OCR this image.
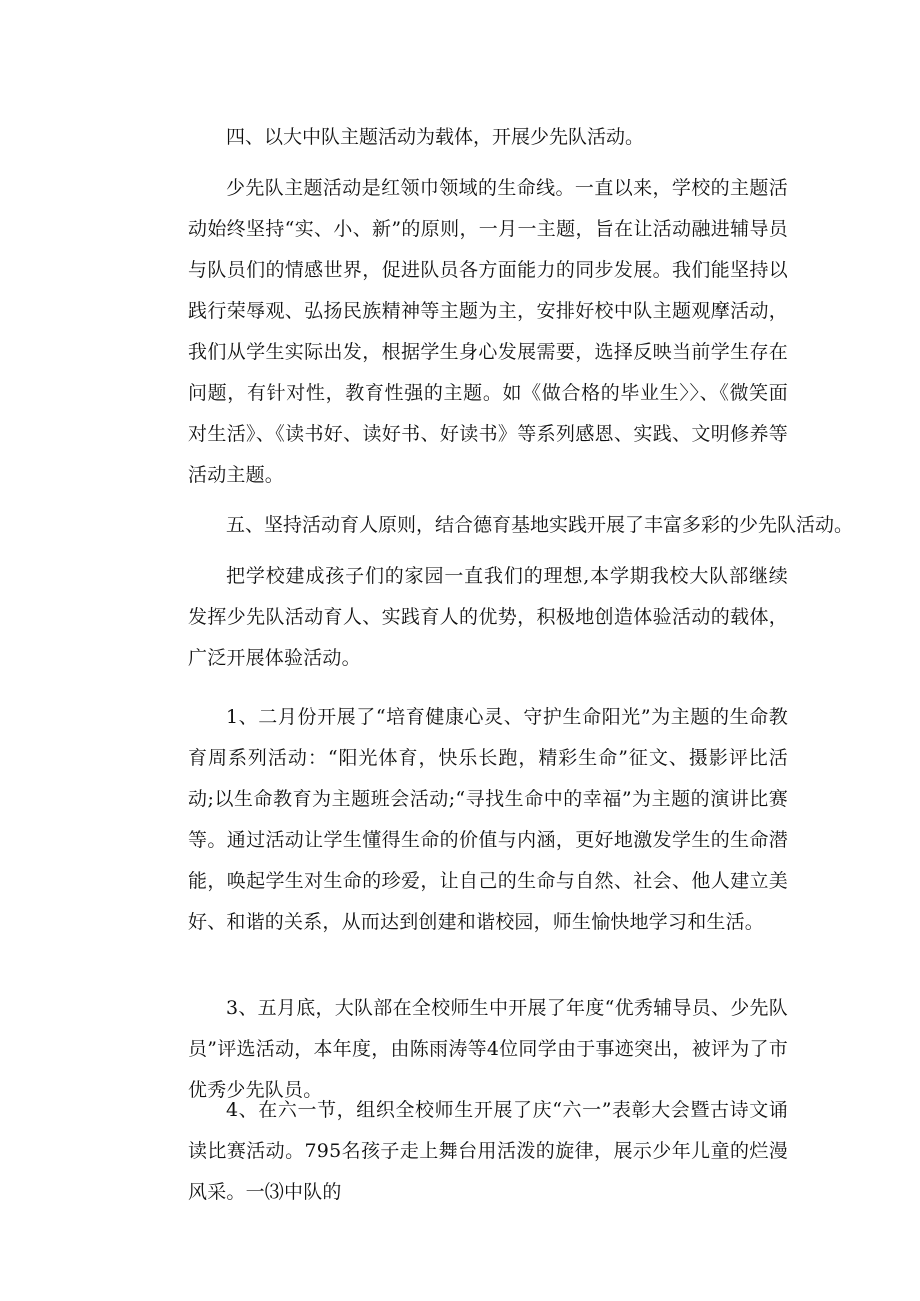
四、以大中队主题活动为载体，开展少先队活动。

少先队主题活动是红领巾领域的生命线。一直以来，学校的主题活动始终坚持“实、小、新”的原则，一月一主题，旨在让活动融进辅导员与队员们的情感世界，促进队员各方面能力的同步发展。我们能坚持以践行荣辱观、弘扬民族精神等主题为主，安排好校中队主题观摩活动，我们从学生实际出发，根据学生身心发展需要，选择反映当前学生存在问题，有针对性，教育性强的主题。如《做合格的毕业生〉〉、《微笑面对生活》、《读书好、读好书、好读书》等系列感恩、实践、文明修养等活动主题。

五、坚持活动育人原则，结合德育基地实践开展了丰富多彩的少先队活动。

把学校建成孩子们的家园一直我们的理想,本学期我校大队部继续发挥少先队活动育人、实践育人的优势，积极地创造体验活动的载体，广泛开展体验活动。

1、二月份开展了“培育健康心灵、守护生命阳光”为主题的生命教育周系列活动：“阳光体育，快乐长跑，精彩生命”征文、摄影评比活动;以生命教育为主题班会活动;“寻找生命中的幸福”为主题的演讲比赛等。通过活动让学生懂得生命的价值与内涵，更好地激发学生的生命潜能，唤起学生对生命的珍爱，让自己的生命与自然、社会、他人建立美好、和谐的关系，从而达到创建和谐校园，师生愉快地学习和生活。

3、五月底，大队部在全校师生中开展了年度“优秀辅导员、少先队员”评选活动，本年度，由陈雨涛等4位同学由于事迹突出，被评为了市优秀少先队员。

4、在六一节，组织全校师生开展了庆“六一”表彰大会暨古诗文诵读比赛活动。795名孩子走上舞台用活泼的旋律，展示少年儿童的烂漫风采。一⑶中队的
